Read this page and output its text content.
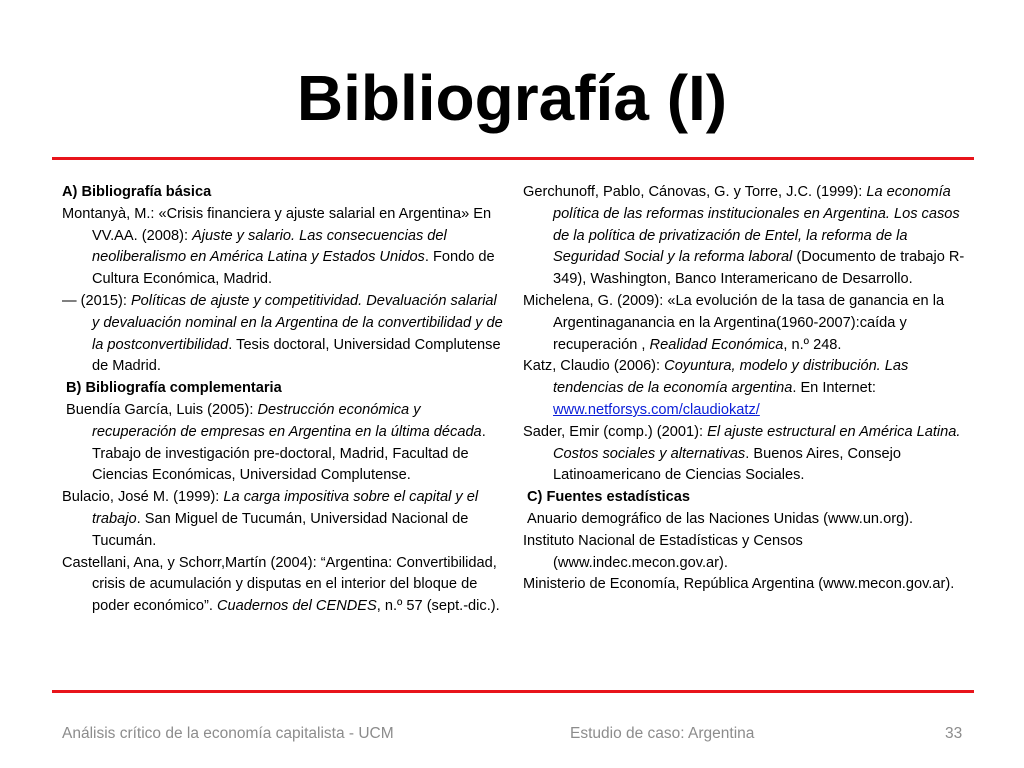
Bibliografía (I)

A) Bibliografía básica

Montanyà, M.: «Crisis financiera y ajuste salarial en Argentina» En VV.AA. (2008): Ajuste y salario. Las consecuencias del neoliberalismo en América Latina y Estados Unidos. Fondo de Cultura Económica, Madrid.

— (2015): Políticas de ajuste y competitividad. Devaluación salarial y devaluación nominal en la Argentina de la convertibilidad y de la postconvertibilidad. Tesis doctoral, Universidad Complutense de Madrid.

B) Bibliografía complementaria

Buendía García, Luis (2005): Destrucción económica y recuperación de empresas en Argentina en la última década. Trabajo de investigación pre-doctoral, Madrid, Facultad de Ciencias Económicas, Universidad Complutense.

Bulacio, José M. (1999): La carga impositiva sobre el capital y el trabajo. San Miguel de Tucumán, Universidad Nacional de Tucumán.

Castellani, Ana, y Schorr,Martín (2004): “Argentina: Convertibilidad, crisis de acumulación y disputas en el interior del bloque de poder económico”. Cuadernos del CENDES, n.º 57 (sept.-dic.).

Gerchunoff, Pablo, Cánovas, G. y Torre, J.C. (1999): La economía política de las reformas institucionales en Argentina. Los casos de la política de privatización de Entel, la reforma de la Seguridad Social y la reforma laboral (Documento de trabajo R-349), Washington, Banco Interamericano de Desarrollo.

Michelena, G. (2009): «La evolución de la tasa de ganancia en la Argentinaganancia en la Argentina(1960-2007):caída y recuperación , Realidad Económica, n.º 248.

Katz, Claudio (2006): Coyuntura, modelo y distribución. Las tendencias de la economía argentina. En Internet: www.netforsys.com/claudiokatz/

Sader, Emir (comp.) (2001): El ajuste estructural en América Latina. Costos sociales y alternativas. Buenos Aires, Consejo Latinoamericano de Ciencias Sociales.

C) Fuentes estadísticas

Anuario demográfico de las Naciones Unidas (www.un.org).

Instituto Nacional de Estadísticas y Censos (www.indec.mecon.gov.ar).

Ministerio de Economía, República Argentina (www.mecon.gov.ar).

Análisis crítico de la economía capitalista - UCM	Estudio de caso: Argentina	33
